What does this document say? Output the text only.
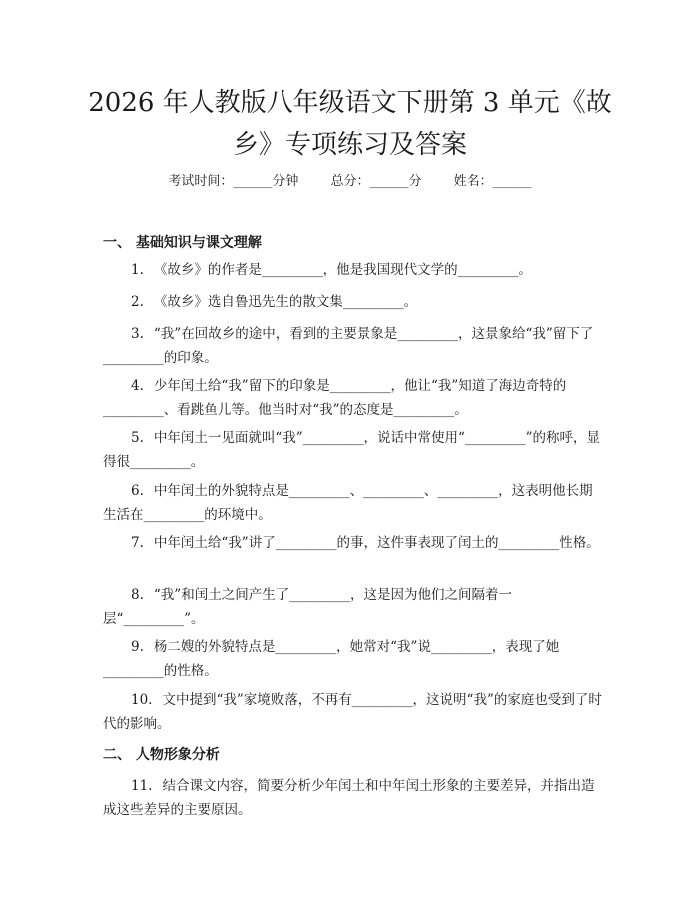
2026 年人教版八年级语文下册第 3 单元《故
乡》专项练习及答案
考试时间：______分钟 总分：______分 姓名：______
一、 基础知识与课文理解
1. 《故乡》的作者是_________，他是我国现代文学的_________。
2. 《故乡》选自鲁迅先生的散文集_________。
3. “我”在回故乡的途中，看到的主要景象是_________，这景象给“我”留下了_________的印象。
4. 少年闰土给“我”留下的印象是_________，他让“我”知道了海边奇特的_________、看跳鱼儿等。他当时对“我”的态度是_________。
5. 中年闰土一见面就叫“我”_________，说话中常使用“_________”的称呼，显得很_________。
6. 中年闰土的外貌特点是_________、_________、_________，这表明他长期生活在_________的环境中。
7. 中年闰土给“我”讲了_________的事，这件事表现了闰土的_________性格。
8. “我”和闰土之间产生了_________，这是因为他们之间隔着一层“_________”。
9. 杨二嫂的外貌特点是_________，她常对“我”说_________，表现了她_________的性格。
10. 文中提到“我”家境败落，不再有_________，这说明“我”的家庭也受到了时代的影响。
二、 人物形象分析
11. 结合课文内容，简要分析少年闰土和中年闰土形象的主要差异，并指出造成这些差异的主要原因。
